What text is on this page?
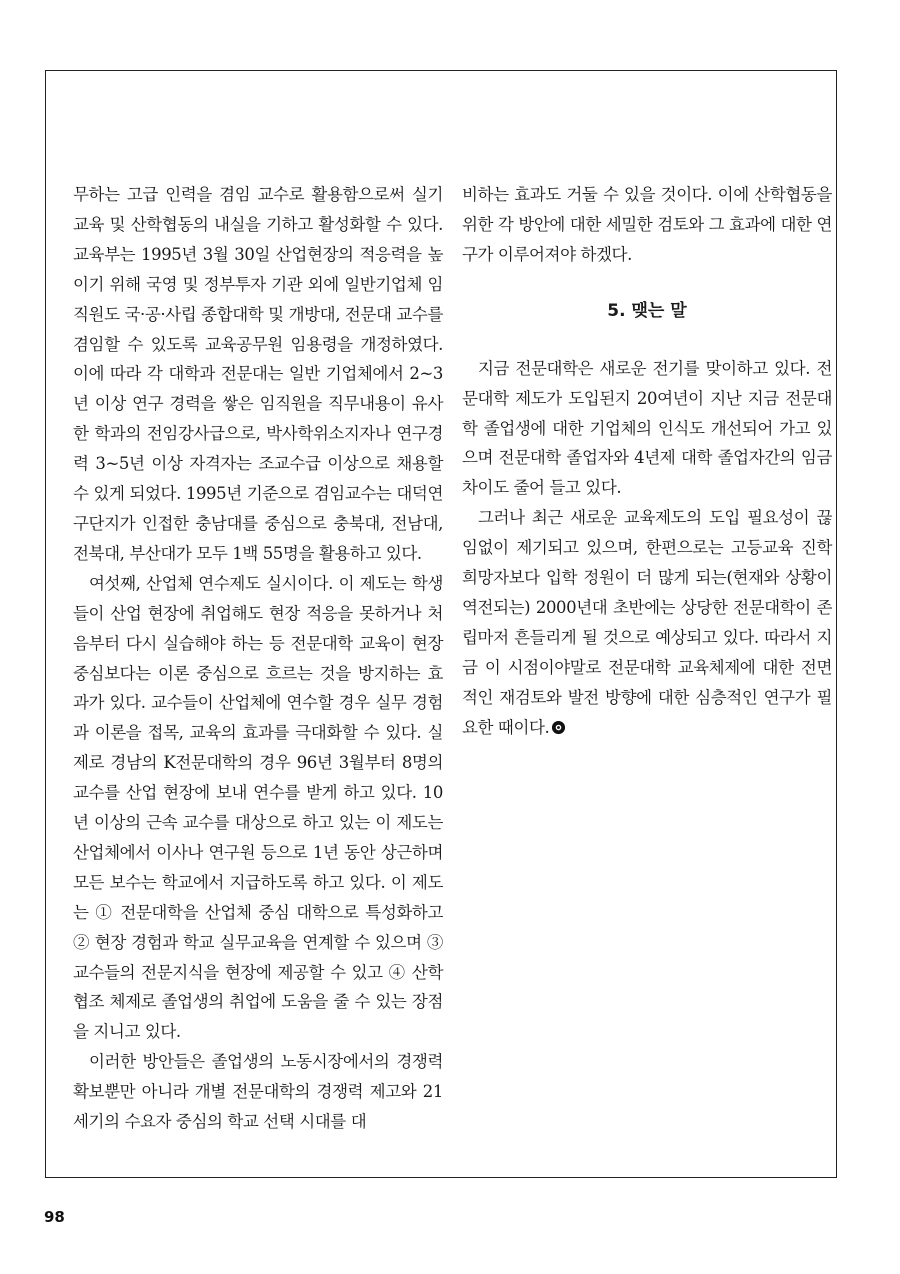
무하는 고급 인력을 겸임 교수로 활용함으로써 실기교육 및 산학협동의 내실을 기하고 활성화할 수 있다. 교육부는 1995년 3월 30일 산업현장의 적응력을 높이기 위해 국영 및 정부투자 기관 외에 일반기업체 임직원도 국·공·사립 종합대학 및 개방대, 전문대 교수를 겸임할 수 있도록 교육공무원 임용령을 개정하였다. 이에 따라 각 대학과 전문대는 일반 기업체에서 2~3년 이상 연구 경력을 쌓은 임직원을 직무내용이 유사한 학과의 전임강사급으로, 박사학위소지자나 연구경력 3~5년 이상 자격자는 조교수급 이상으로 채용할 수 있게 되었다. 1995년 기준으로 겸임교수는 대덕연구단지가 인접한 충남대를 중심으로 충북대, 전남대, 전북대, 부산대가 모두 1백 55명을 활용하고 있다.

여섯째, 산업체 연수제도 실시이다. 이 제도는 학생들이 산업 현장에 취업해도 현장 적응을 못하거나 처음부터 다시 실습해야 하는 등 전문대학 교육이 현장 중심보다는 이론 중심으로 흐르는 것을 방지하는 효과가 있다. 교수들이 산업체에 연수할 경우 실무 경험과 이론을 접목, 교육의 효과를 극대화할 수 있다. 실제로 경남의 K전문대학의 경우 96년 3월부터 8명의 교수를 산업 현장에 보내 연수를 받게 하고 있다. 10년 이상의 근속 교수를 대상으로 하고 있는 이 제도는 산업체에서 이사나 연구원 등으로 1년 동안 상근하며 모든 보수는 학교에서 지급하도록 하고 있다. 이 제도는 ① 전문대학을 산업체 중심 대학으로 특성화하고 ② 현장 경험과 학교 실무교육을 연계할 수 있으며 ③ 교수들의 전문지식을 현장에 제공할 수 있고 ④ 산학 협조 체제로 졸업생의 취업에 도움을 줄 수 있는 장점을 지니고 있다.

이러한 방안들은 졸업생의 노동시장에서의 경쟁력 확보뿐만 아니라 개별 전문대학의 경쟁력 제고와 21세기의 수요자 중심의 학교 선택 시대를 대

비하는 효과도 거둘 수 있을 것이다. 이에 산학협동을 위한 각 방안에 대한 세밀한 검토와 그 효과에 대한 연구가 이루어져야 하겠다.

5. 맺는 말

지금 전문대학은 새로운 전기를 맞이하고 있다. 전문대학 제도가 도입된지 20여년이 지난 지금 전문대학 졸업생에 대한 기업체의 인식도 개선되어 가고 있으며 전문대학 졸업자와 4년제 대학 졸업자간의 임금 차이도 줄어 들고 있다.

그러나 최근 새로운 교육제도의 도입 필요성이 끊임없이 제기되고 있으며, 한편으로는 고등교육 진학 희망자보다 입학 정원이 더 많게 되는(현재와 상황이 역전되는) 2000년대 초반에는 상당한 전문대학이 존립마저 흔들리게 될 것으로 예상되고 있다. 따라서 지금 이 시점이야말로 전문대학 교육체제에 대한 전면적인 재검토와 발전 방향에 대한 심층적인 연구가 필요한 때이다.

98
